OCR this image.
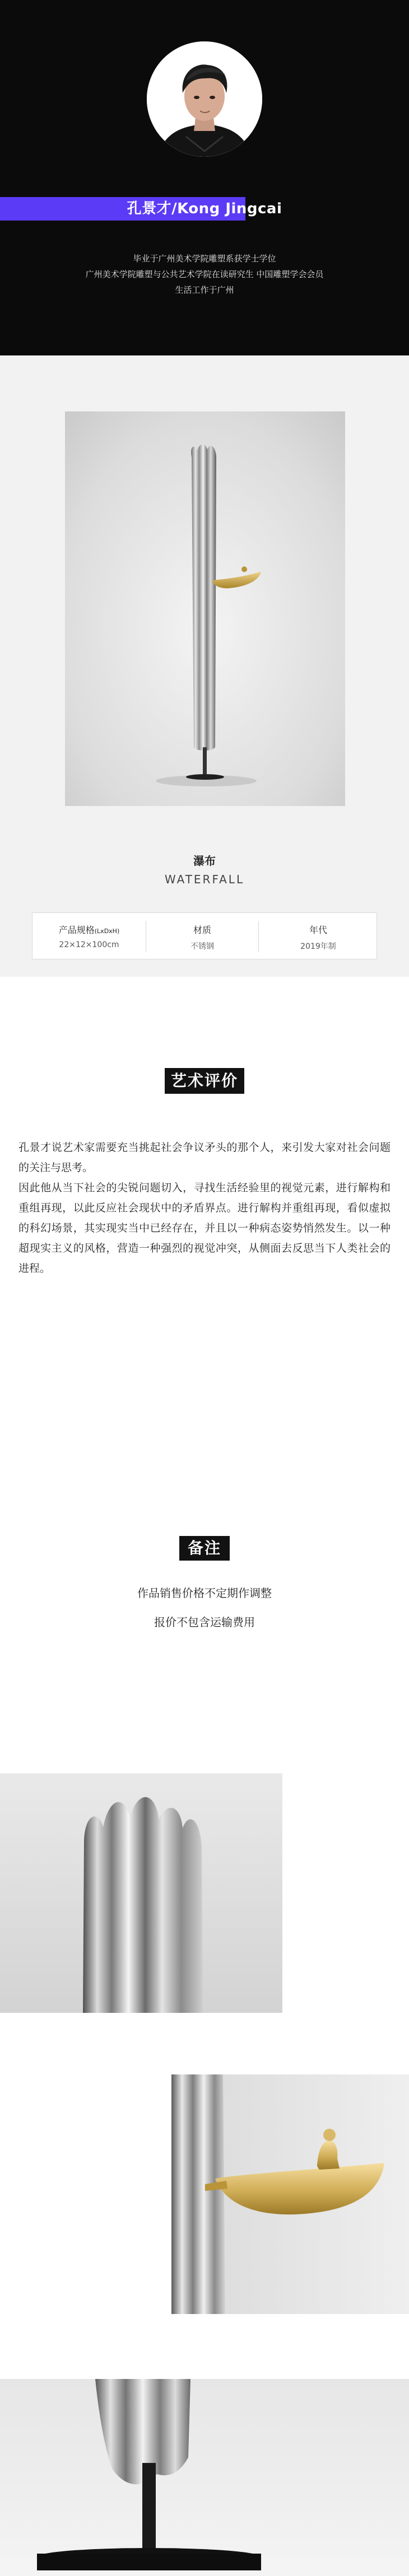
孔景才/Kong Jingcai
毕业于广州美术学院雕塑系获学士学位
广州美术学院雕塑与公共艺术学院在读研究生 中国雕塑学会会员
生活工作于广州
瀑布
WATERFALL
产品规格(LxDxH)
22×12×100cm
材质
不锈钢
年代
2019年制
艺术评价

孔景才说艺术家需要充当挑起社会争议矛头的那个人，来引发大家对社会问题的关注与思考。

因此他从当下社会的尖锐问题切入，寻找生活经验里的视觉元素，进行解构和重组再现，以此反应社会现状中的矛盾界点。进行解构并重组再现，看似虚拟的科幻场景，其实现实当中已经存在，并且以一种病态姿势悄然发生。以一种超现实主义的风格，营造一种强烈的视觉冲突，从侧面去反思当下人类社会的进程。

备注
作品销售价格不定期作调整
报价不包含运输费用
